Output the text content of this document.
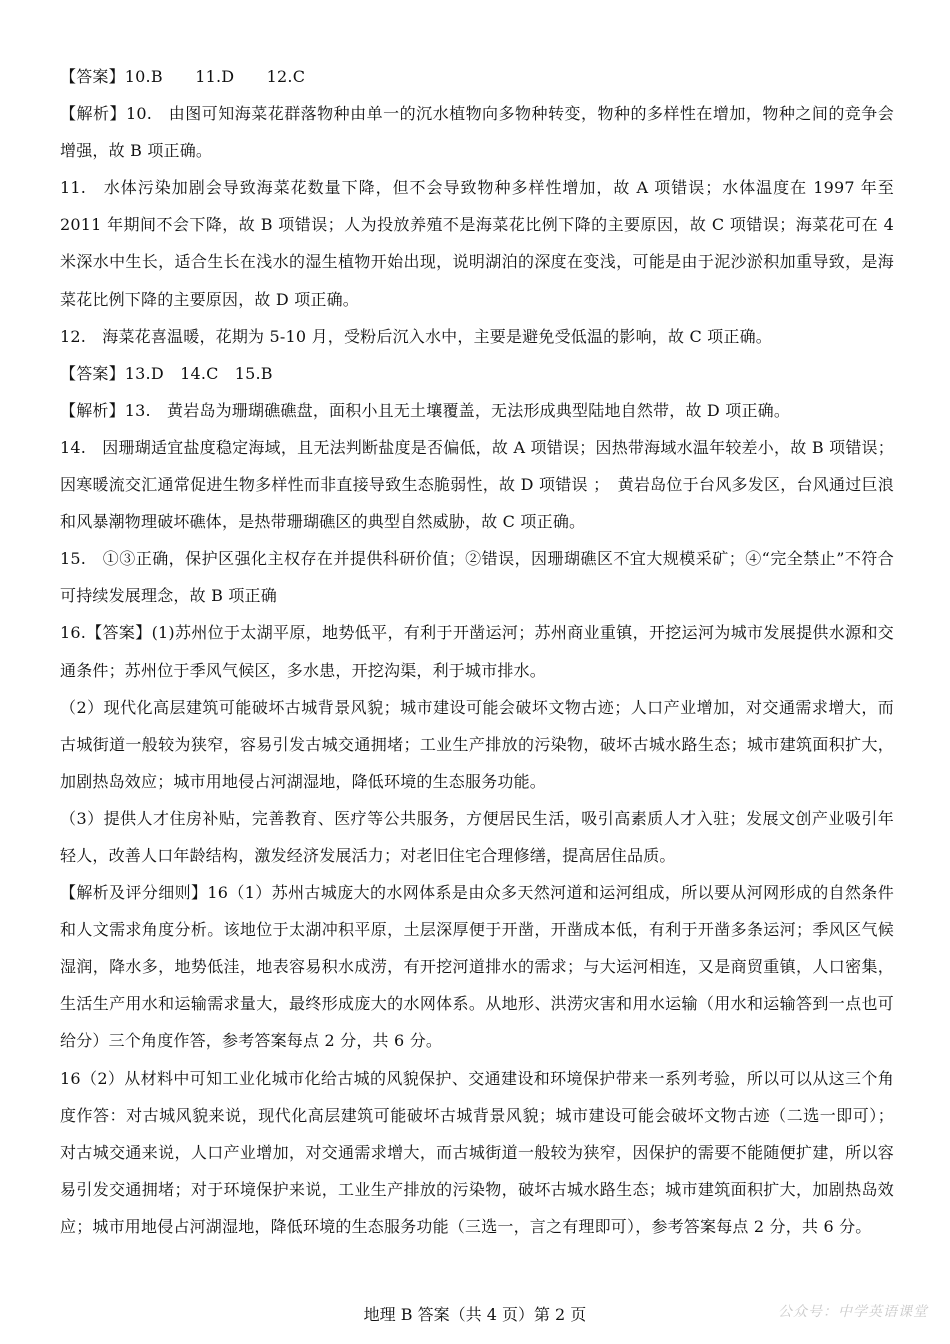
【答案】10.B　　11.D　　12.C

【解析】10.　由图可知海菜花群落物种由单一的沉水植物向多物种转变，物种的多样性在增加，物种之间的竞争会增强，故 B 项正确。

11.　水体污染加剧会导致海菜花数量下降，但不会导致物种多样性增加，故 A 项错误；水体温度在 1997 年至 2011 年期间不会下降，故 B 项错误；人为投放养殖不是海菜花比例下降的主要原因，故 C 项错误；海菜花可在 4 米深水中生长，适合生长在浅水的湿生植物开始出现，说明湖泊的深度在变浅，可能是由于泥沙淤积加重导致，是海菜花比例下降的主要原因，故 D 项正确。

12.　海菜花喜温暖，花期为 5-10 月，受粉后沉入水中，主要是避免受低温的影响，故 C 项正确。

【答案】13.D　14.C　15.B

【解析】13.　黄岩岛为珊瑚礁礁盘，面积小且无土壤覆盖，无法形成典型陆地自然带，故 D 项正确。

14.　因珊瑚适宜盐度稳定海域，且无法判断盐度是否偏低，故 A 项错误；因热带海域水温年较差小，故 B 项错误；因寒暖流交汇通常促进生物多样性而非直接导致生态脆弱性，故 D 项错误 ；　黄岩岛位于台风多发区，台风通过巨浪和风暴潮物理破坏礁体，是热带珊瑚礁区的典型自然威胁，故 C 项正确。

15.　①③正确，保护区强化主权存在并提供科研价值；②错误，因珊瑚礁区不宜大规模采矿；④“完全禁止”不符合可持续发展理念，故 B 项正确

16.【答案】(1)苏州位于太湖平原，地势低平，有利于开凿运河；苏州商业重镇，开挖运河为城市发展提供水源和交通条件；苏州位于季风气候区，多水患，开挖沟渠，利于城市排水。

（2）现代化高层建筑可能破坏古城背景风貌；城市建设可能会破坏文物古迹；人口产业增加，对交通需求增大，而古城街道一般较为狭窄，容易引发古城交通拥堵；工业生产排放的污染物，破坏古城水路生态；城市建筑面积扩大，加剧热岛效应；城市用地侵占河湖湿地，降低环境的生态服务功能。

（3）提供人才住房补贴，完善教育、医疗等公共服务，方便居民生活，吸引高素质人才入驻；发展文创产业吸引年轻人，改善人口年龄结构，激发经济发展活力；对老旧住宅合理修缮，提高居住品质。

【解析及评分细则】16（1）苏州古城庞大的水网体系是由众多天然河道和运河组成，所以要从河网形成的自然条件和人文需求角度分析。该地位于太湖冲积平原，土层深厚便于开凿，开凿成本低，有利于开凿多条运河；季风区气候湿润，降水多，地势低洼，地表容易积水成涝，有开挖河道排水的需求；与大运河相连，又是商贸重镇，人口密集，生活生产用水和运输需求量大，最终形成庞大的水网体系。从地形、洪涝灾害和用水运输（用水和运输答到一点也可给分）三个角度作答，参考答案每点 2 分，共 6 分。

16（2）从材料中可知工业化城市化给古城的风貌保护、交通建设和环境保护带来一系列考验，所以可以从这三个角度作答：对古城风貌来说，现代化高层建筑可能破坏古城背景风貌；城市建设可能会破坏文物古迹（二选一即可）；对古城交通来说，人口产业增加，对交通需求增大，而古城街道一般较为狭窄，因保护的需要不能随便扩建，所以容易引发交通拥堵；对于环境保护来说，工业生产排放的污染物，破坏古城水路生态；城市建筑面积扩大，加剧热岛效应；城市用地侵占河湖湿地，降低环境的生态服务功能（三选一，言之有理即可），参考答案每点 2 分，共 6 分。

地理 B 答案（共 4 页）第 2 页	公众号：中学英语课堂
